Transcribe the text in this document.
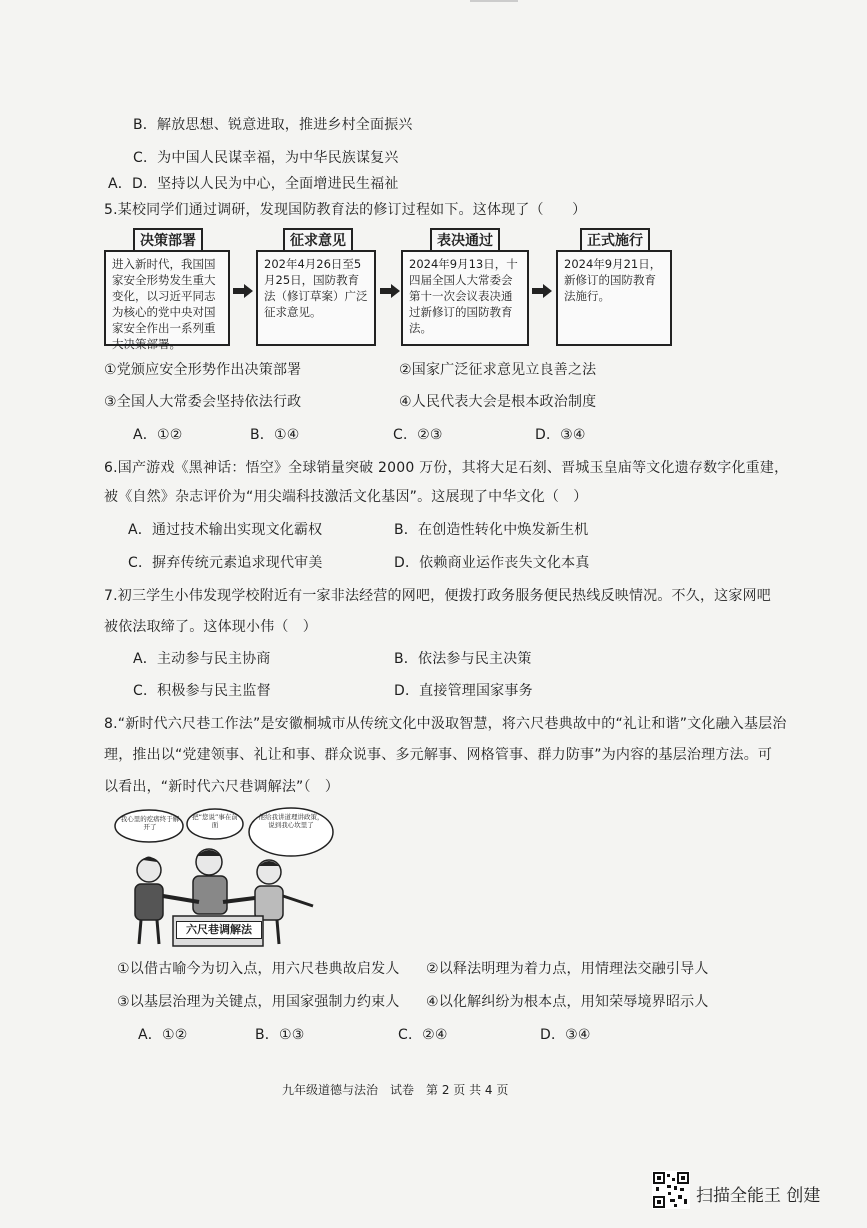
B．解放思想、锐意进取，推进乡村全面振兴
C．为中国人民谋幸福，为中华民族谋复兴
A．D．坚持以人民为中心，全面增进民生福祉
5.某校同学们通过调研，发现国防教育法的修订过程如下。这体现了（　　）
决策部署
进入新时代，我国国家安全形势发生重大变化，以习近平同志为核心的党中央对国家安全作出一系列重大决策部署。
征求意见
202年4月26日至5月25日，国防教育法（修订草案）广泛征求意见。
表决通过
2024年9月13日，十四届全国人大常委会第十一次会议表决通过新修订的国防教育法。
正式施行
2024年9月21日，新修订的国防教育法施行。
①党颁应安全形势作出决策部署	②国家广泛征求意见立良善之法
③全国人大常委会坚持依法行政	④人民代表大会是根本政治制度
A．①②	B．①④	C．②③	D．③④
6.国产游戏《黑神话：悟空》全球销量突破 2000 万份，其将大足石刻、晋城玉皇庙等文化遗存数字化重建，
被《自然》杂志评价为“用尖端科技激活文化基因”。这展现了中华文化（　）
A．通过技术输出实现文化霸权	B．在创造性转化中焕发新生机
C．摒弃传统元素追求现代审美	D．依赖商业运作丧失文化本真
7.初三学生小伟发现学校附近有一家非法经营的网吧，便拨打政务服务便民热线反映情况。不久，这家网吧
被依法取缔了。这体现小伟（　）
A．主动参与民主协商	B．依法参与民主决策
C．积极参与民主监督	D．直接管理国家事务
8.“新时代六尺巷工作法”是安徽桐城市从传统文化中汲取智慧，将六尺巷典故中的“礼让和谐”文化融入基层治
理，推出以“党建领事、礼让和事、群众说事、多元解事、网格管事、群力防事”为内容的基层治理方法。可
以看出，“新时代六尺巷调解法”（　）
我心里的疙瘩终于解开了
把“您说”事在前面
他给我讲道理讲政策，说到我心坎里了
六尺巷调解法
①以借古喻今为切入点，用六尺巷典故启发人 ②以释法明理为着力点，用情理法交融引导人
③以基层治理为关键点，用国家强制力约束人 ④以化解纠纷为根本点，用知荣辱境界昭示人
A．①②	B．①③	C．②④	D．③④
九年级道德与法治　试卷　第 2 页 共 4 页
扫描全能王 创建
